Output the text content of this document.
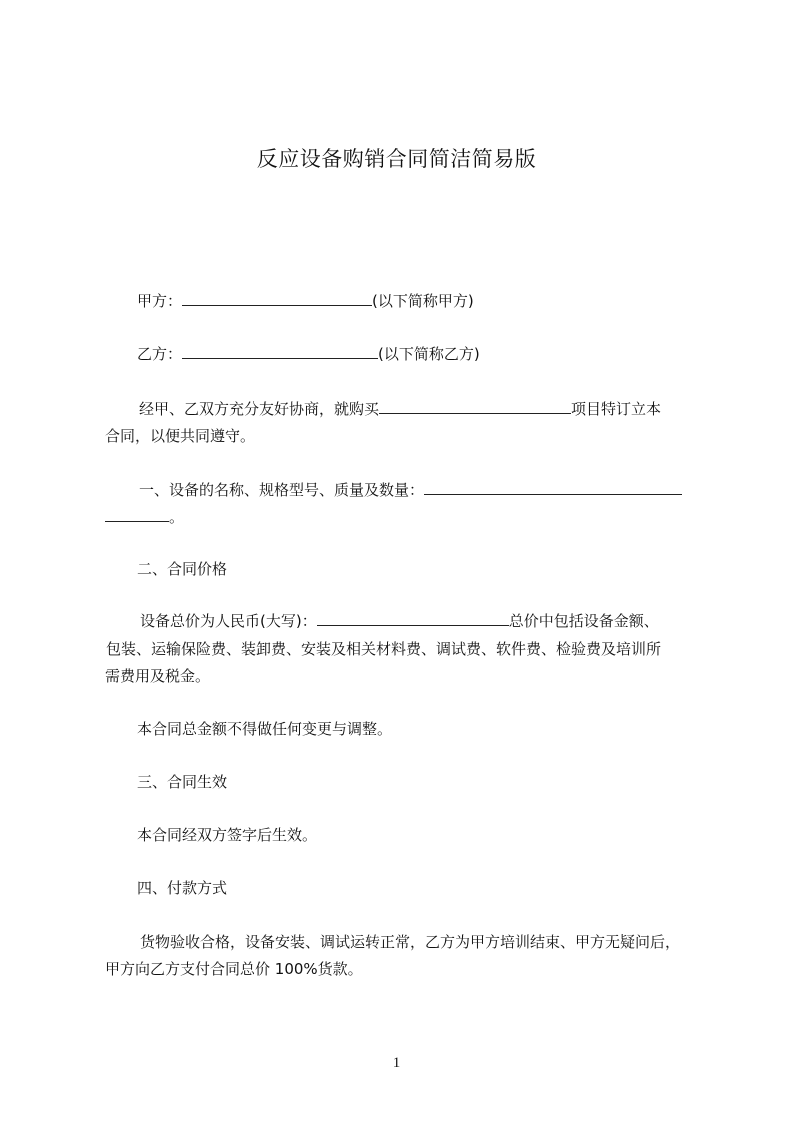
反应设备购销合同简洁简易版
甲方：	(以下简称甲方)
乙方：	(以下简称乙方)
经甲、乙双方充分友好协商，就购买	项目特订立本
合同，以便共同遵守。
一、设备的名称、规格型号、质量及数量：
。
二、合同价格
设备总价为人民币(大写)：	总价中包括设备金额、
包装、运输保险费、装卸费、安装及相关材料费、调试费、软件费、检验费及培训所
需费用及税金。
本合同总金额不得做任何变更与调整。
三、合同生效
本合同经双方签字后生效。
四、付款方式
货物验收合格，设备安装、调试运转正常，乙方为甲方培训结束、甲方无疑问后，
甲方向乙方支付合同总价 100%货款。
1
